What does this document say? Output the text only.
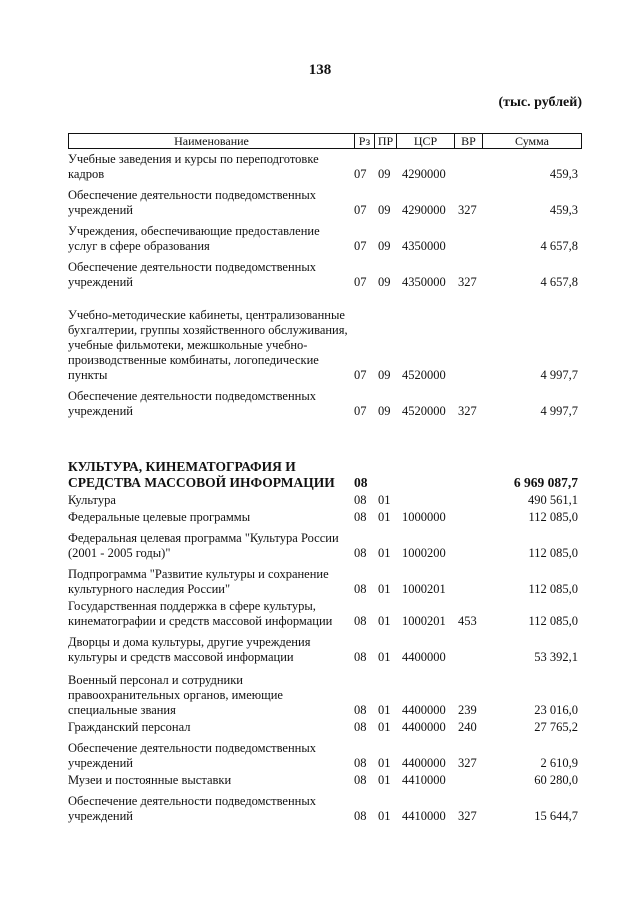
138
(тыс. рублей)
Наименование	Рз ПР	ЦСР	ВР	Сумма
Учебные заведения и курсы по переподготовке кадров	07 09 4290000	459,3
Обеспечение деятельности подведомственных учреждений	07 09 4290000 327	459,3
Учреждения, обеспечивающие предоставление услуг в сфере образования	07 09 4350000	4 657,8
Обеспечение деятельности подведомственных учреждений	07 09 4350000 327	4 657,8
Учебно-методические кабинеты, централизованные бухгалтерии, группы хозяйственного обслуживания, учебные фильмотеки, межшкольные учебно-производственные комбинаты, логопедические пункты	07 09 4520000	4 997,7
Обеспечение деятельности подведомственных учреждений	07 09 4520000 327	4 997,7
КУЛЬТУРА, КИНЕМАТОГРАФИЯ И СРЕДСТВА МАССОВОЙ ИНФОРМАЦИИ	08	6 969 087,7
Культура	08 01	490 561,1
Федеральные целевые программы	08 01 1000000	112 085,0
Федеральная целевая программа "Культура России (2001 - 2005 годы)"	08 01 1000200	112 085,0
Подпрограмма "Развитие культуры и сохранение культурного наследия России"	08 01 1000201	112 085,0
Государственная поддержка в сфере культуры, кинематографии и средств массовой информации	08 01 1000201 453	112 085,0
Дворцы и дома культуры, другие учреждения культуры и средств массовой информации	08 01 4400000	53 392,1
Военный персонал и сотрудники правоохранительных органов, имеющие специальные звания	08 01 4400000 239	23 016,0
Гражданский персонал	08 01 4400000 240	27 765,2
Обеспечение деятельности подведомственных учреждений	08 01 4400000 327	2 610,9
Музеи и постоянные выставки	08 01 4410000	60 280,0
Обеспечение деятельности подведомственных учреждений	08 01 4410000 327	15 644,7
